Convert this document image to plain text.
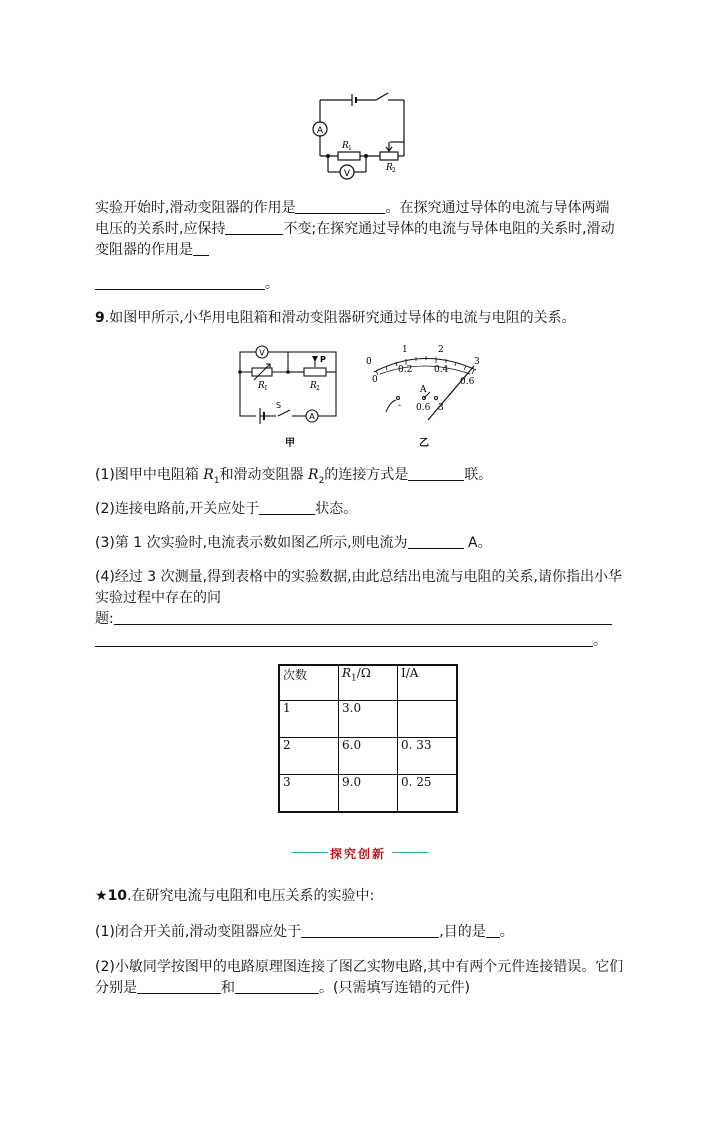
A
V
R 1
R 2
实验开始时,滑动变阻器的作用是	。在探究通过导体的电流与导体两端
电压的关系时,应保持	不变;在探究通过导体的电流与导体电阻的关系时,滑动
变阻器的作用是
。
9.如图甲所示,小华用电阻箱和滑动变阻器研究通过导体的电流与电阻的关系。
V
A
R 1	R 2
P
S
甲
1	2
3
0
0
0.2 0.4
0.6
A
- 0.6 3
乙
(1)图甲中电阻箱 $R_1$和滑动变阻器 $R_2$的连接方式是	联。
(2)连接电路前,开关应处于	状态。
(3)第 1 次实验时,电流表示数如图乙所示,则电流为	A。
(4)经过 3 次测量,得到表格中的实验数据,由此总结出电流与电阻的关系,请你指出小华
实验过程中存在的问
题:
。
次数	$R_1/\Omega$	I/A
1	3.0	
2	6.0	0. 33
3	9.0	0. 25
探究创新
★10.在研究电流与电阻和电压关系的实验中:
(1)闭合开关前,滑动变阻器应处于	,目的是 。
(2)小敏同学按图甲的电路原理图连接了图乙实物电路,其中有两个元件连接错误。它们
分别是	和	。(只需填写连错的元件)
